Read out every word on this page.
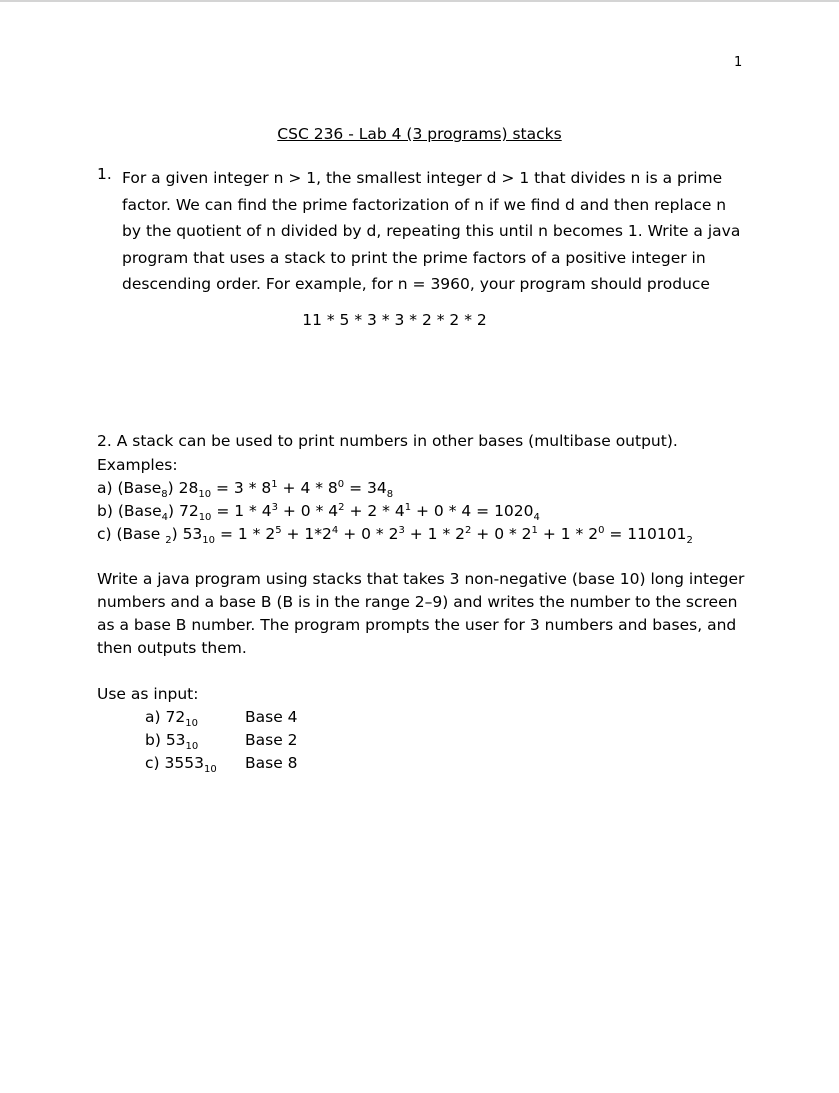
1
CSC 236 - Lab 4 (3 programs) stacks
1. For a given integer n > 1, the smallest integer d > 1 that divides n is a prime
factor. We can find the prime factorization of n if we find d and then replace n
by the quotient of n divided by d, repeating this until n becomes 1. Write a java
program that uses a stack to print the prime factors of a positive integer in
descending order. For example, for n = 3960, your program should produce
11 * 5 * 3 * 3 * 2 * 2 * 2
2. A stack can be used to print numbers in other bases (multibase output).
Examples:
a) (Base$_8$) $28_{10} = 3 * 8^1 + 4 * 8^0 = 34_8$
b) (Base$_4$) $72_{10} = 1 * 4^3 + 0 * 4^2 + 2 * 4^1 + 0 * 4 = 1020_4$
c) (Base $_2$) $53_{10} = 1 * 2^5 + 1*2^4 + 0 * 2^3 + 1 * 2^2 + 0 * 2^1 + 1 * 2^0 = 110101_2$
Write a java program using stacks that takes 3 non-negative (base 10) long integer
numbers and a base B (B is in the range 2–9) and writes the number to the screen
as a base B number. The program prompts the user for 3 numbers and bases, and
then outputs them.
Use as input:
a) $72_{10}$	Base 4
b) $53_{10}$	Base 2
c) $3553_{10}$ Base 8
